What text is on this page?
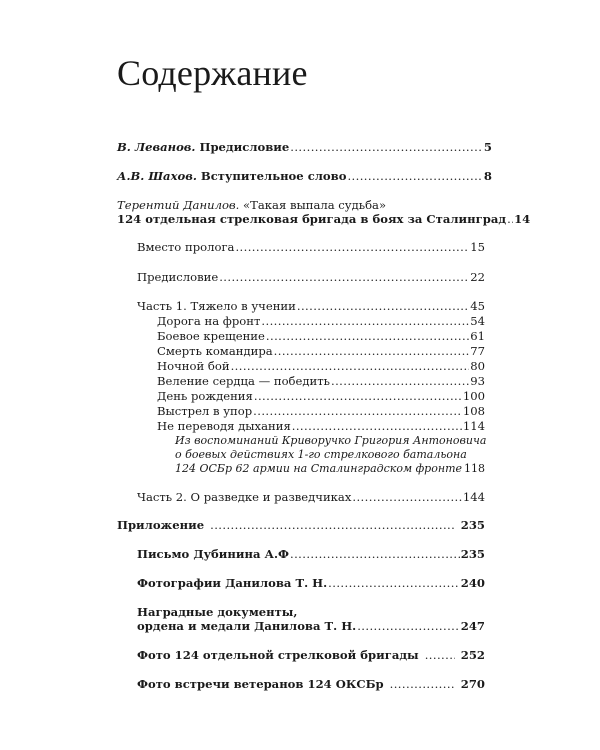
Содержание
В. Леванов. Предисловие .....	5
А.В. Шахов. Вступительное слово .....	8
Терентий Данилов. «Такая выпала судьба»
124 отдельная стрелковая бригада в боях за Сталинград ..... 14
Вместо пролога .....	15
Предисловие .....	22
Часть 1. Тяжело в учении .....	45
Дорога на фронт .....	54
Боевое крещение .....	61
Смерть командира .....	77
Ночной бой .....	80
Веление сердца — победить .....	93
День рождения .....	100
Выстрел в упор .....	108
Не переводя дыхания .....	114
Из воспоминаний Криворучко Григория Антоновича
о боевых действиях 1-го стрелкового батальона
124 ОСБр 62 армии на Сталинградском фронте 118
Часть 2. О разведке и разведчиках .....	144
Приложение .....	235
Письмо Дубинина А.Ф .....	235
Фотографии Данилова Т. Н. .....	240
Наградные документы,
ордена и медали Данилова Т. Н. .....	247
Фото 124 отдельной стрелковой бригады .....	252
Фото встречи ветеранов 124 ОКСБр .....	270
